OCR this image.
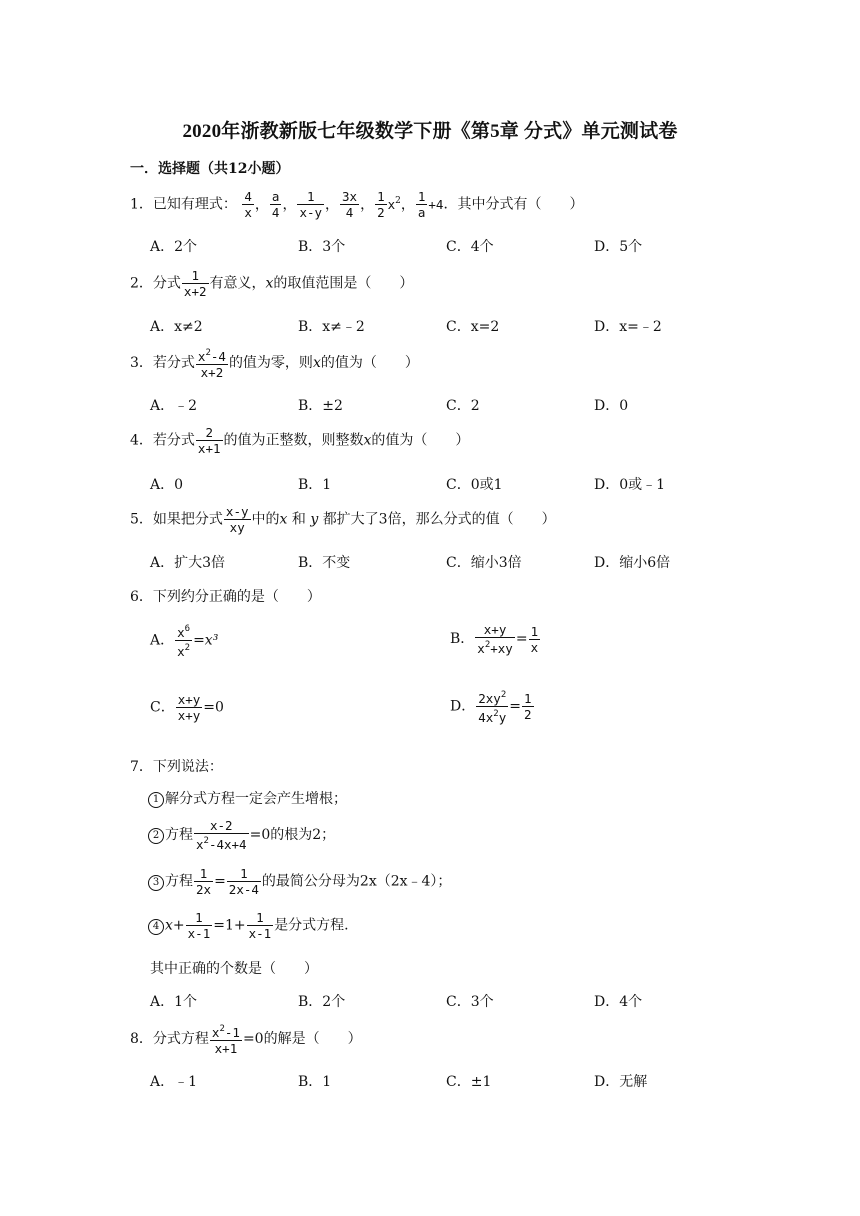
2020年浙教新版七年级数学下册《第5章 分式》单元测试卷
一．选择题（共12小题）
1．已知有理式： $\frac{4}{x}$ ， $\frac{a}{4}$ ， $\frac{1}{x-y}$ ， $\frac{3x}{4}$ ， $\frac{1}{2} x^2$， $\frac{1}{a} +4$．其中分式有（　　）
A．2个	B．3个	C．4个	D．5个
2．分式 $\frac{1}{x+2}$ 有意义，x的取值范围是（　　）
A．x≠2	B．x≠﹣2	C．x=2	D．x=﹣2
3．若分式 $\frac{x^2-4}{x+2}$ 的值为零，则x的值为（　　）
A．﹣2	B．±2	C．2	D．0
4．若分式 $\frac{2}{x+1}$ 的值为正整数，则整数x的值为（　　）
A．0	B．1	C．0或1	D．0或﹣1
5．如果把分式 $\frac{x-y}{xy}$ 中的x 和 y 都扩大了3倍，那么分式的值（　　）
A．扩大3倍	B．不变	C．缩小3倍	D．缩小6倍
6．下列约分正确的是（　　）
A． $\frac{x^6}{x^2} =x^3$	B． $\frac{x+y}{x^2+xy} = \frac{1}{x}$
C． $\frac{x+y}{x+y} =0$	D． $\frac{2xy^2}{4x^2y} = \frac{1}{2}$
7．下列说法：
1 解分式方程一定会产生增根；
2 方程 $\frac{x-2}{x^2-4x+4} =0$的根为2；
3 方程 $\frac{1}{2x} = \frac{1}{2x-4}$ 的最简公分母为2x（2x﹣4）；
4 $x+ \frac{1}{x-1} =1+ \frac{1}{x-1}$ 是分式方程.
其中正确的个数是（　　）
A．1个	B．2个	C．3个	D．4个
8．分式方程 $\frac{x^2-1}{x+1} =0$的解是（　　）
A．﹣1	B．1	C．±1	D．无解
